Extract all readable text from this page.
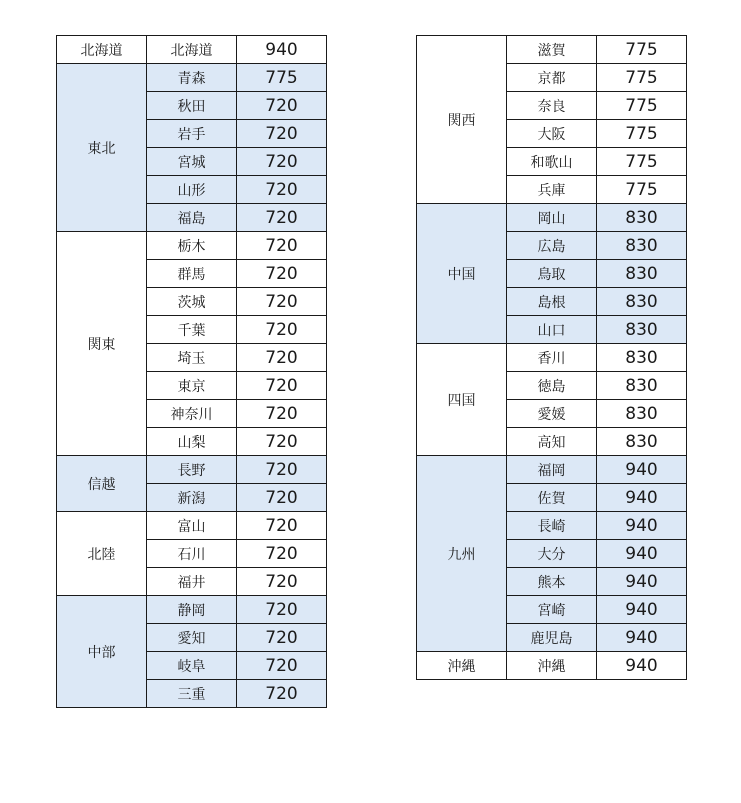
北海道	北海道	940
東北	青森	775
	秋田	720
	岩手	720
	宮城	720
	山形	720
	福島	720
関東	栃木	720
	群馬	720
	茨城	720
	千葉	720
	埼玉	720
	東京	720
	神奈川	720
	山梨	720
信越	長野	720
	新潟	720
北陸	富山	720
	石川	720
	福井	720
中部	静岡	720
	愛知	720
	岐阜	720
	三重	720
関西	滋賀	775
	京都	775
	奈良	775
	大阪	775
	和歌山	775
	兵庫	775
中国	岡山	830
	広島	830
	鳥取	830
	島根	830
	山口	830
四国	香川	830
	徳島	830
	愛媛	830
	高知	830
九州	福岡	940
	佐賀	940
	長崎	940
	大分	940
	熊本	940
	宮崎	940
	鹿児島	940
沖縄	沖縄	940
